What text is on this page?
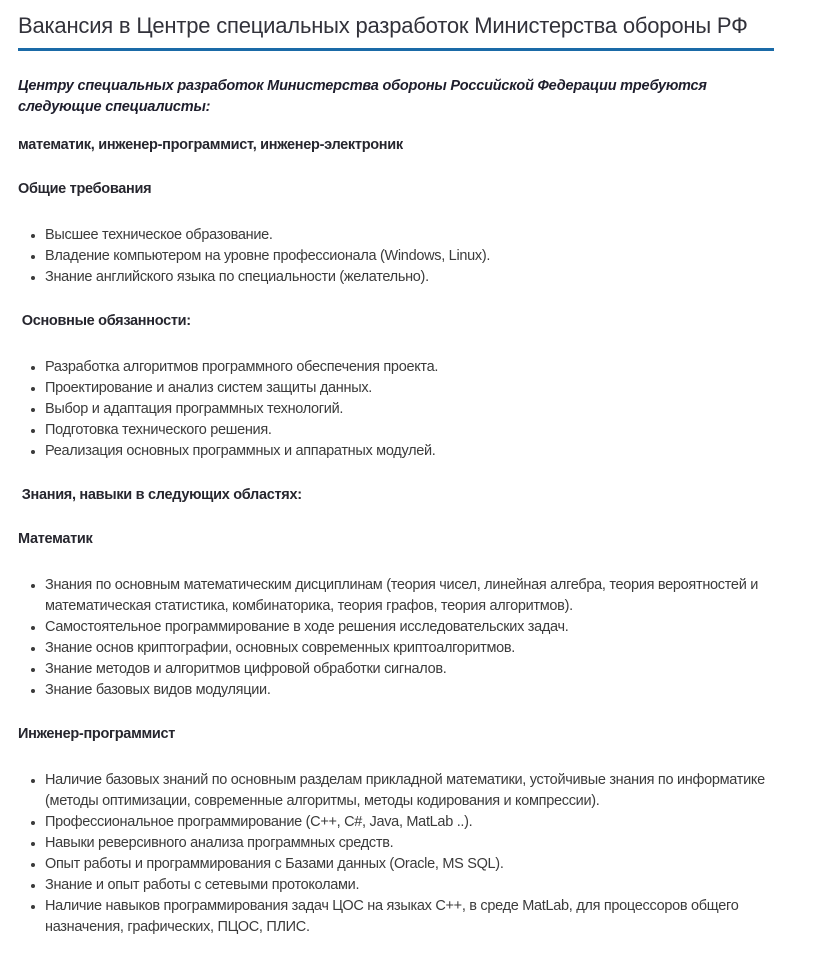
Вакансия в Центре специальных разработок Министерства обороны РФ

Центру специальных разработок Министерства обороны Российской Федерации требуются следующие специалисты:

математик, инженер-программист, инженер-электроник

Общие требования
• Высшее техническое образование.
• Владение компьютером на уровне профессионала (Windows, Linux).
• Знание английского языка по специальности (желательно).
Основные обязанности:
• Разработка алгоритмов программного обеспечения проекта.
• Проектирование и анализ систем защиты данных.
• Выбор и адаптация программных технологий.
• Подготовка технического решения.
• Реализация основных программных и аппаратных модулей.
Знания, навыки в следующих областях:
Математик
• Знания по основным математическим дисциплинам (теория чисел, линейная алгебра, теория вероятностей и математическая статистика, комбинаторика, теория графов, теория алгоритмов).
• Самостоятельное программирование в ходе решения исследовательских задач.
• Знание основ криптографии, основных современных криптоалгоритмов.
• Знание методов и алгоритмов цифровой обработки сигналов.
• Знание базовых видов модуляции.
Инженер-программист
• Наличие базовых знаний по основным разделам прикладной математики, устойчивые знания по информатике (методы оптимизации, современные алгоритмы, методы кодирования и компрессии).
• Профессиональное программирование (C++, C#, Java, MatLab ..).
• Навыки реверсивного анализа программных средств.
• Опыт работы и программирования с Базами данных (Oracle, MS SQL).
• Знание и опыт работы с сетевыми протоколами.
• Наличие навыков программирования задач ЦОС на языках C++, в среде MatLab, для процессоров общего назначения, графических, ПЦОС, ПЛИС.
